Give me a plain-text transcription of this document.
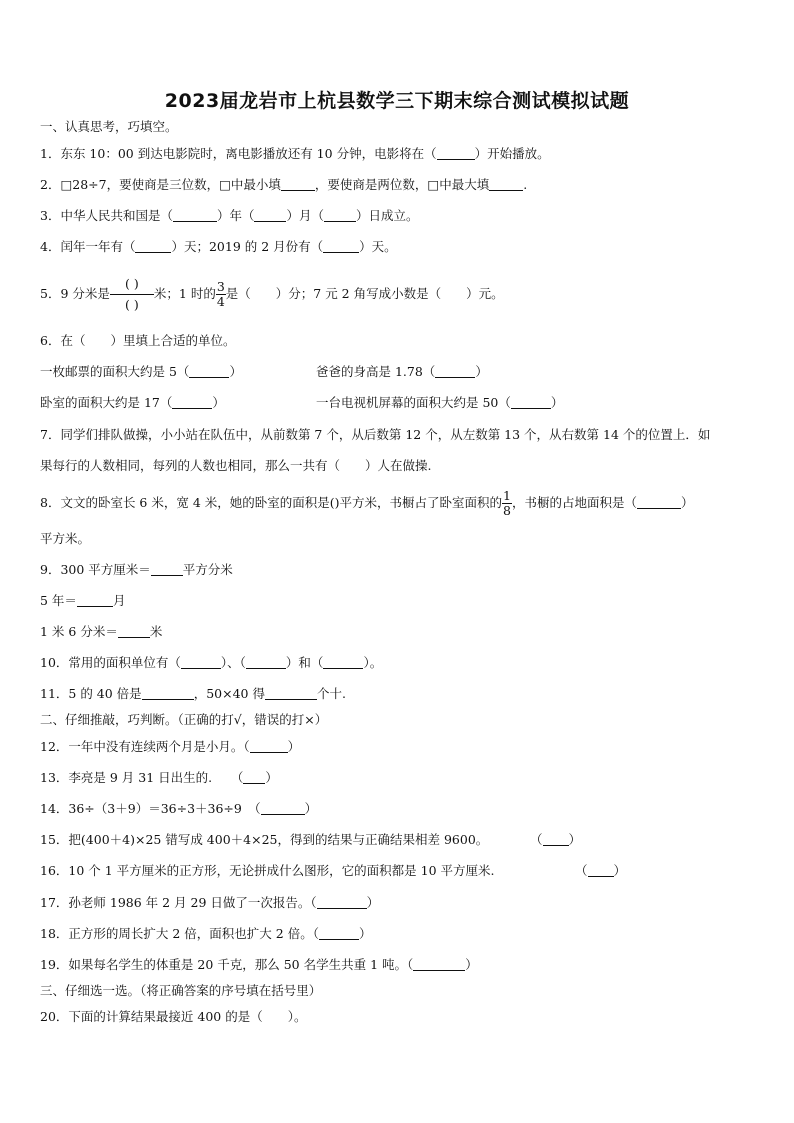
2023届龙岩市上杭县数学三下期末综合测试模拟试题
一、认真思考，巧填空。
1．东东 10：00 到达电影院时，离电影播放还有 10 分钟，电影将在（	）开始播放。
2．□28÷7，要使商是三位数，□中最小填	，要使商是两位数，□中最大填	.
3．中华人民共和国是（	）年（	）月（	）日成立。
4．闰年一年有（	）天；2019 的 2 月份有（	）天。
5．9 分米是
( )
( )米；1 时的 $\frac{3}{4}$ 是（　　）分；7 元 2 角写成小数是（　　）元。
6．在（　　）里填上合适的单位。
一枚邮票的面积大约是 5（	）	爸爸的身高是 1.78（	）
卧室的面积大约是 17（	）	一台电视机屏幕的面积大约是 50（	）
7．同学们排队做操，小小站在队伍中，从前数第 7 个，从后数第 12 个，从左数第 13 个，从右数第 14 个的位置上．如
果每行的人数相同，每列的人数也相同，那么一共有（　　）人在做操.
8．文文的卧室长 6 米，宽 4 米，她的卧室的面积是()平方米，书橱占了卧室面积的 $\frac{1}{8}$ ，书橱的占地面积是（	）
平方米。
9．300 平方厘米＝	平方分米
5 年＝	月
1 米 6 分米＝	米
10．常用的面积单位有（	）、（	）和（	）。
11．5 的 40 倍是	，50×40 得	个十.
二、仔细推敲，巧判断。（正确的打√，错误的打×）
12．一年中没有连续两个月是小月。（	）
13．李亮是 9 月 31 日出生的.　　（ ）
14．36÷（3＋9）＝36÷3＋36÷9　（	）
15．把(400＋4)×25 错写成 400＋4×25，得到的结果与正确结果相差 9600。	（ ）
16．10 个 1 平方厘米的正方形，无论拼成什么图形，它的面积都是 10 平方厘米.	（ ）
17．孙老师 1986 年 2 月 29 日做了一次报告。（	）
18．正方形的周长扩大 2 倍，面积也扩大 2 倍。（	）
19．如果每名学生的体重是 20 千克，那么 50 名学生共重 1 吨。（	）
三、仔细选一选。（将正确答案的序号填在括号里）
20．下面的计算结果最接近 400 的是（　　）。
